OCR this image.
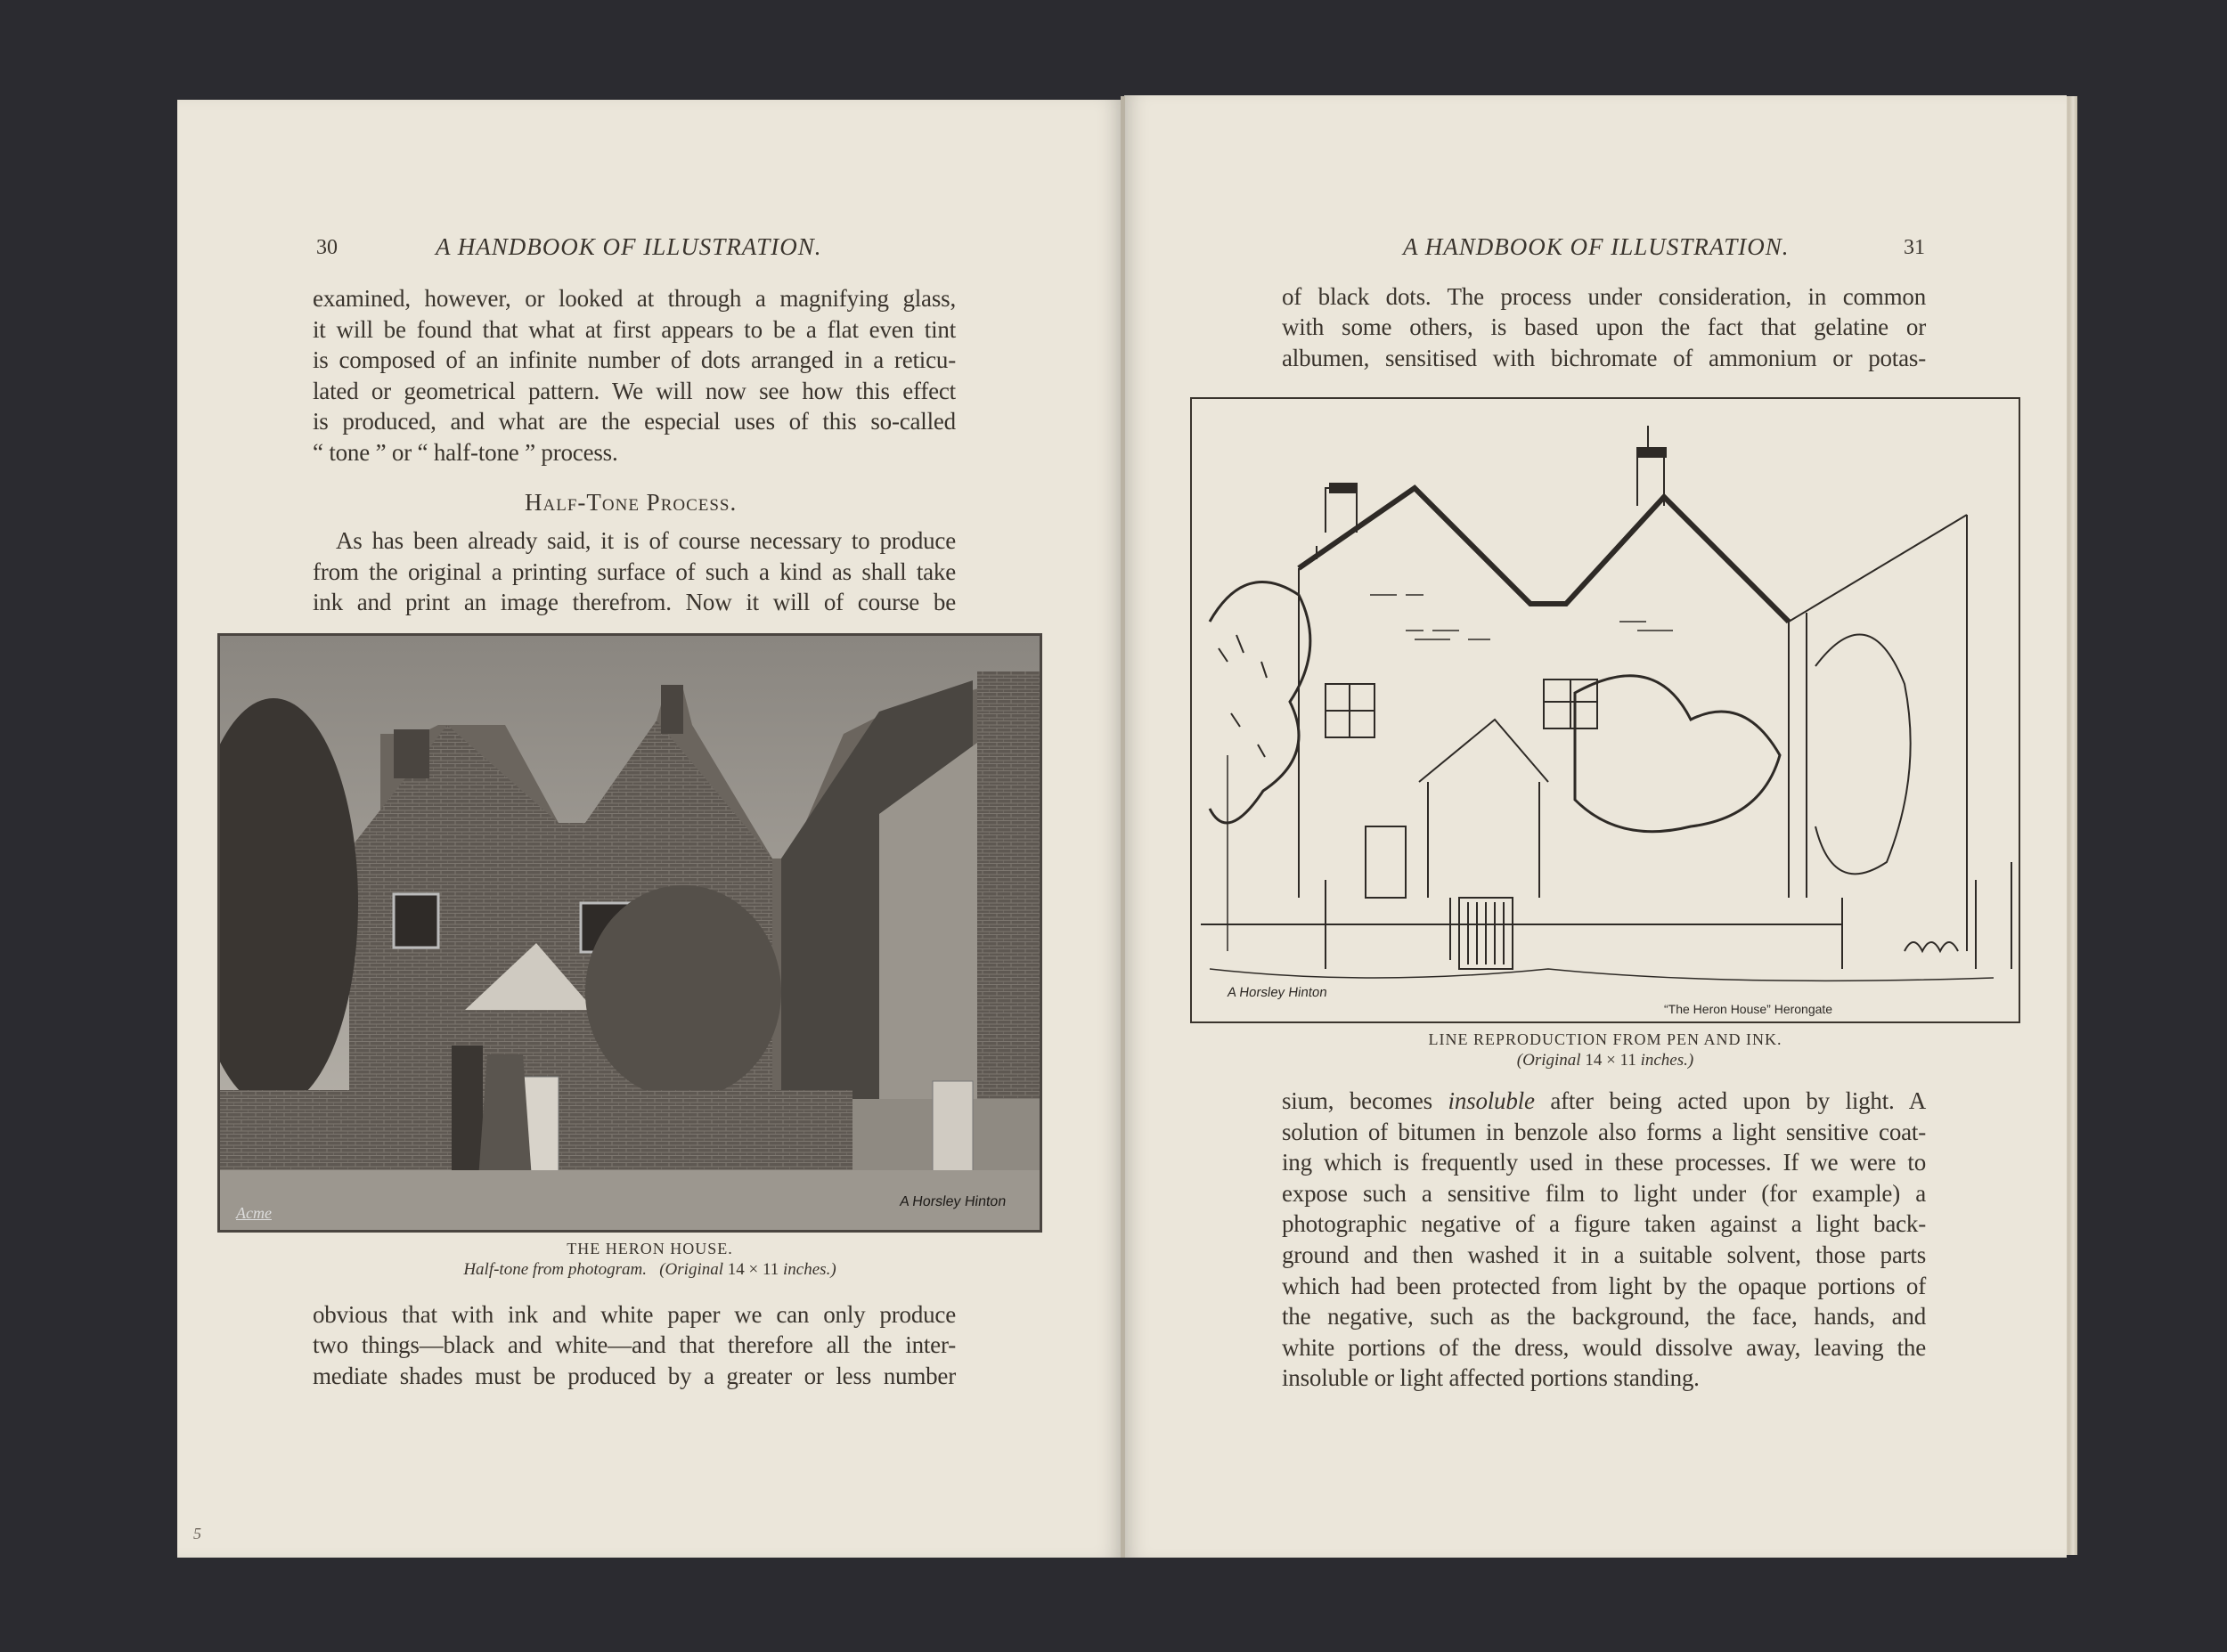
30	A HANDBOOK OF ILLUSTRATION.
examined, however, or looked at through a magnifying glass,
it will be found that what at first appears to be a flat even tint
is composed of an infinite number of dots arranged in a reticu-
lated or geometrical pattern. We will now see how this effect
is produced, and what are the especial uses of this so-called
“ tone ” or “ half-tone ” process.
Half-Tone Process.
As has been already said, it is of course necessary to produce
from the original a printing surface of such a kind as shall take
ink and print an image therefrom. Now it will of course be
Acme
A Horsley Hinton
THE HERON HOUSE.
Half-tone from photogram. (Original 14 × 11 inches.)
obvious that with ink and white paper we can only produce
two things—black and white—and that therefore all the inter-
mediate shades must be produced by a greater or less number
5
A HANDBOOK OF ILLUSTRATION.	31
of black dots. The process under consideration, in common
with some others, is based upon the fact that gelatine or
albumen, sensitised with bichromate of ammonium or potas-
A Horsley Hinton
“The Heron House” Herongate
LINE REPRODUCTION FROM PEN AND INK.
(Original 14 × 11 inches.)
sium, becomes insoluble after being acted upon by light. A
solution of bitumen in benzole also forms a light sensitive coat-
ing which is frequently used in these processes. If we were to
expose such a sensitive film to light under (for example) a
photographic negative of a figure taken against a light back-
ground and then washed it in a suitable solvent, those parts
which had been protected from light by the opaque portions of
the negative, such as the background, the face, hands, and
white portions of the dress, would dissolve away, leaving the
insoluble or light affected portions standing.
